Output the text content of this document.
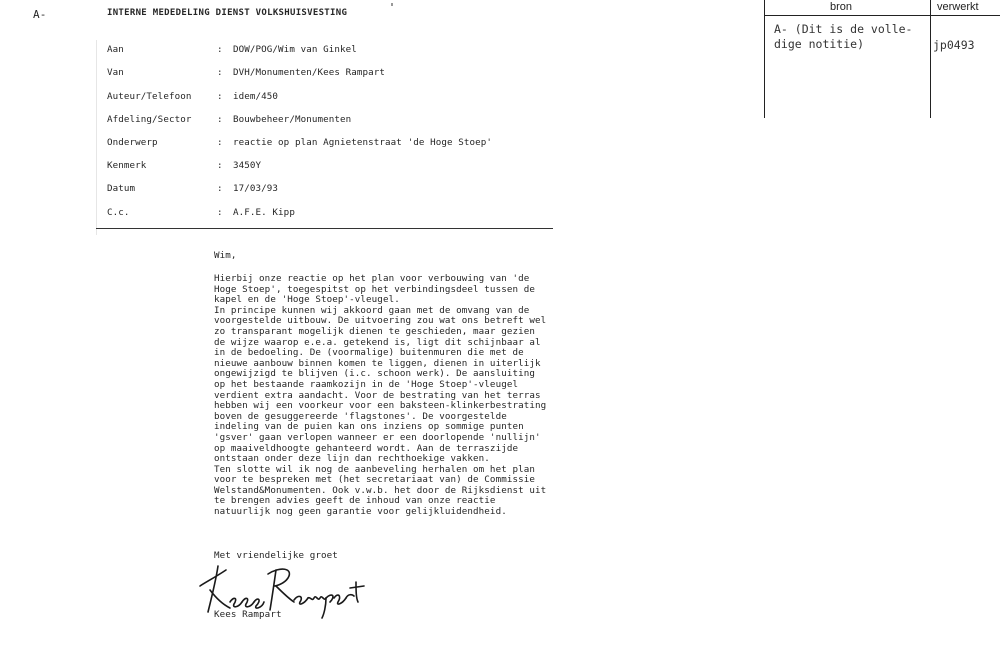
A-	INTERNE MEDEDELING DIENST VOLKSHUISVESTING
Aan	: DOW/POG/Wim van Ginkel
Van	: DVH/Monumenten/Kees Rampart
Auteur/Telefoon	: idem/450
Afdeling/Sector	: Bouwbeheer/Monumenten
Onderwerp	: reactie op plan Agnietenstraat 'de Hoge Stoep'
Kenmerk	: 3450Y
Datum	: 17/03/93
C.c.	: A.F.E. Kipp
Wim,
Hierbij onze reactie op het plan voor verbouwing van 'de
Hoge Stoep', toegespitst op het verbindingsdeel tussen de
kapel en de 'Hoge Stoep'-vleugel.
In principe kunnen wij akkoord gaan met de omvang van de
voorgestelde uitbouw. De uitvoering zou wat ons betreft wel
zo transparant mogelijk dienen te geschieden, maar gezien
de wijze waarop e.e.a. getekend is, ligt dit schijnbaar al
in de bedoeling. De (voormalige) buitenmuren die met de
nieuwe aanbouw binnen komen te liggen, dienen in uiterlijk
ongewijzigd te blijven (i.c. schoon werk). De aansluiting
op het bestaande raamkozijn in de 'Hoge Stoep'-vleugel
verdient extra aandacht. Voor de bestrating van het terras
hebben wij een voorkeur voor een baksteen-klinkerbestrating
boven de gesuggereerde 'flagstones'. De voorgestelde
indeling van de puien kan ons inziens op sommige punten
'gsver' gaan verlopen wanneer er een doorlopende 'nullijn'
op maaiveldhoogte gehanteerd wordt. Aan de terraszijde
ontstaan onder deze lijn dan rechthoekige vakken.
Ten slotte wil ik nog de aanbeveling herhalen om het plan
voor te bespreken met (het secretariaat van) de Commissie
Welstand&Monumenten. Ook v.w.b. het door de Rijksdienst uit
te brengen advies geeft de inhoud van onze reactie
natuurlijk nog geen garantie voor gelijkluidendheid.
Met vriendelijke groet
Kees Rampart
bron	verwerkt
A- (Dit is de volle-
dige notitie)	jp0493
